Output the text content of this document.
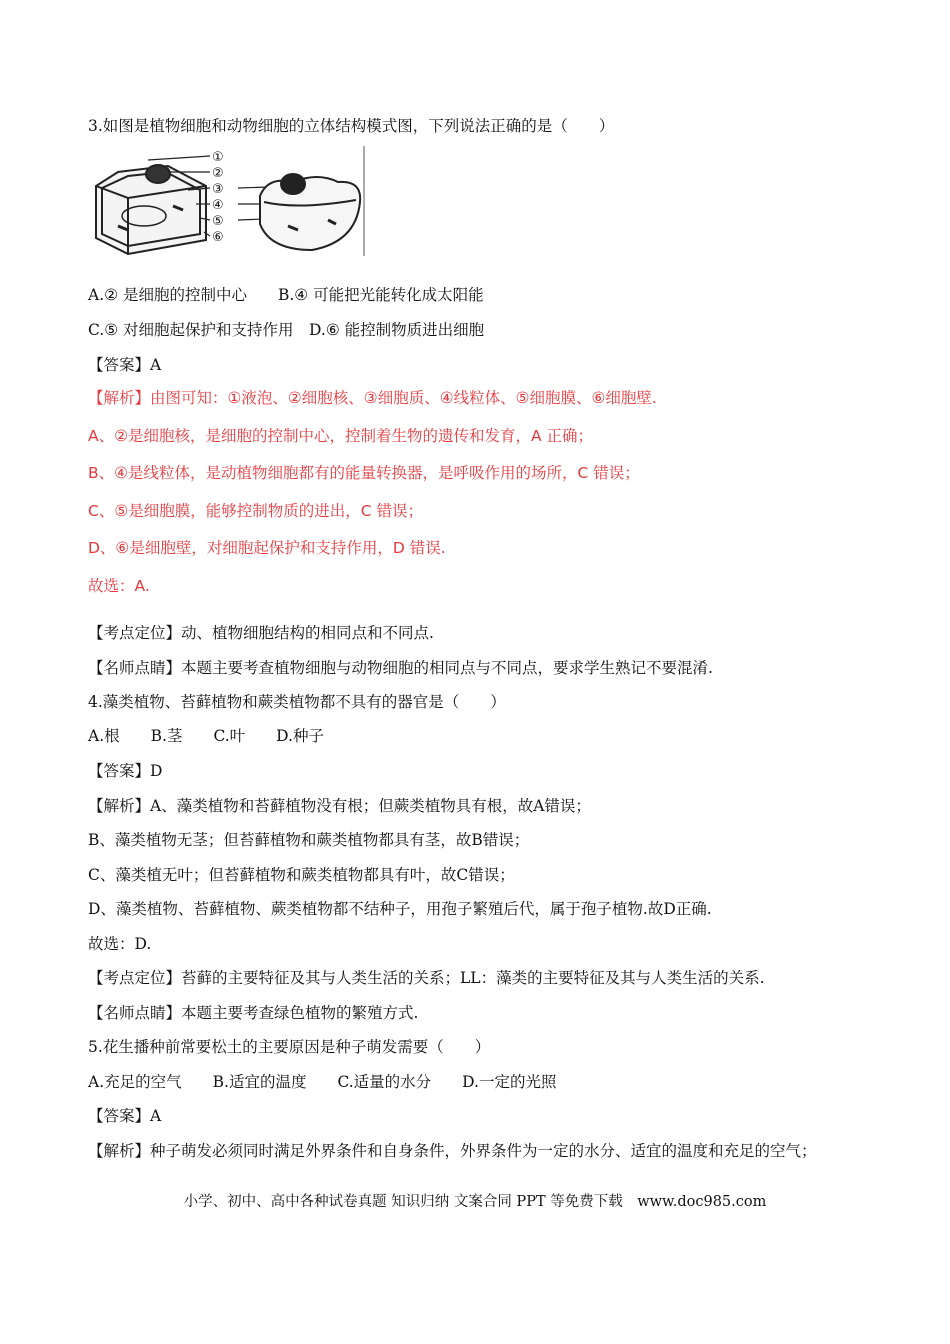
3.如图是植物细胞和动物细胞的立体结构模式图，下列说法正确的是（　　）
①
②
③
④
⑤
⑥
A.② 是细胞的控制中心　　B.④ 可能把光能转化成太阳能
C.⑤ 对细胞起保护和支持作用　D.⑥ 能控制物质进出细胞
【答案】A
【解析】由图可知：①液泡、②细胞核、③细胞质、④线粒体、⑤细胞膜、⑥细胞壁.
A、②是细胞核，是细胞的控制中心，控制着生物的遗传和发育，A 正确；
B、④是线粒体，是动植物细胞都有的能量转换器，是呼吸作用的场所，C 错误；
C、⑤是细胞膜，能够控制物质的进出，C 错误；
D、⑥是细胞壁，对细胞起保护和支持作用，D 错误.
故选：A.
【考点定位】动、植物细胞结构的相同点和不同点.
【名师点睛】本题主要考查植物细胞与动物细胞的相同点与不同点，要求学生熟记不要混淆.
4.藻类植物、苔藓植物和蕨类植物都不具有的器官是（　　）
A.根　　B.茎　　C.叶　　D.种子
【答案】D
【解析】A、藻类植物和苔藓植物没有根；但蕨类植物具有根，故A错误；
B、藻类植物无茎；但苔藓植物和蕨类植物都具有茎，故B错误；
C、藻类植无叶；但苔藓植物和蕨类植物都具有叶，故C错误；
D、藻类植物、苔藓植物、蕨类植物都不结种子，用孢子繁殖后代，属于孢子植物.故D正确.
故选：D.
【考点定位】苔藓的主要特征及其与人类生活的关系；LL：藻类的主要特征及其与人类生活的关系.
【名师点睛】本题主要考查绿色植物的繁殖方式.
5.花生播种前常要松土的主要原因是种子萌发需要（　　）
A.充足的空气　　B.适宜的温度　　C.适量的水分　　D.一定的光照
【答案】A
【解析】种子萌发必须同时满足外界条件和自身条件，外界条件为一定的水分、适宜的温度和充足的空气；
小学、初中、高中各种试卷真题 知识归纳 文案合同 PPT 等免费下载　www.doc985.com
